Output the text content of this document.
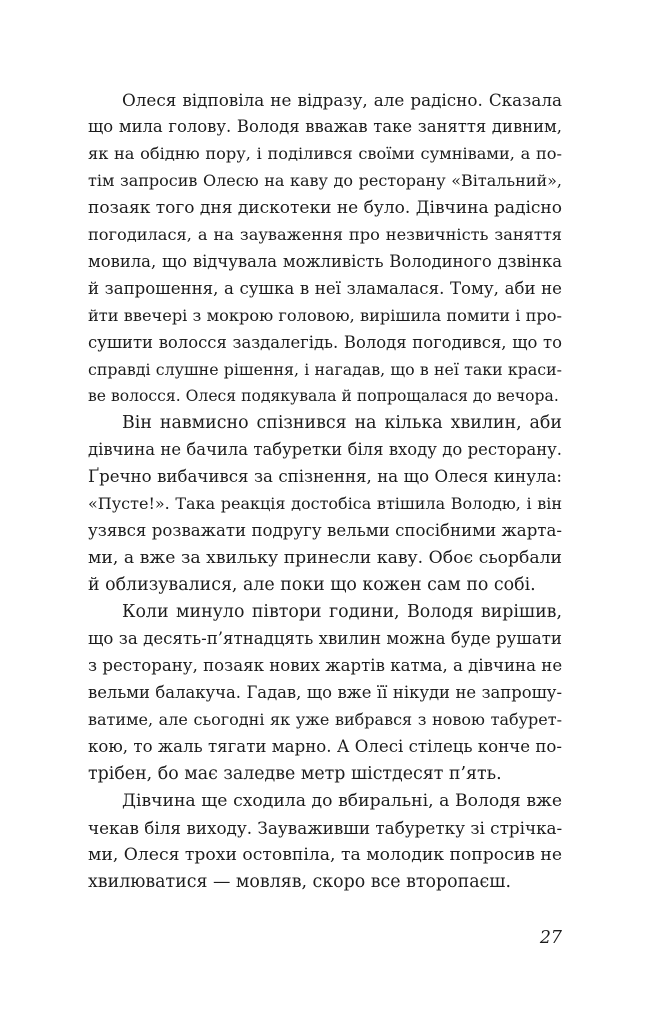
Олеся відповіла не відразу, але радісно. Сказала
що мила голову. Володя вважав таке заняття дивним,
як на обідню пору, і поділився своїми сумнівами, а по-
тім запросив Олесю на каву до ресторану «Вітальний»,
позаяк того дня дискотеки не було. Дівчина радісно
погодилася, а на зауваження про незвичність заняття
мовила, що відчувала можливість Володиного дзвінка
й запрошення, а сушка в неї зламалася. Тому, аби не
йти ввечері з мокрою головою, вирішила помити і про-
сушити волосся заздалегідь. Володя погодився, що то
справді слушне рішення, і нагадав, що в неї таки краси-
ве волосся. Олеся подякувала й попрощалася до вечора.

Він навмисно спізнився на кілька хвилин, аби
дівчина не бачила табуретки біля входу до ресторану.
Ґречно вибачився за спізнення, на що Олеся кинула:
«Пусте!». Така реакція достобіса втішила Володю, і він
узявся розважати подругу вельми спосібними жарта-
ми, а вже за хвильку принесли каву. Обоє сьорбали
й облизувалися, але поки що кожен сам по собі.

Коли минуло півтори години, Володя вирішив,
що за десять-п’ятнадцять хвилин можна буде рушати
з ресторану, позаяк нових жартів катма, а дівчина не
вельми балакуча. Гадав, що вже її нікуди не запрошу-
ватиме, але сьогодні як уже вибрався з новою табурет-
кою, то жаль тягати марно. А Олесі стілець конче по-
трібен, бо має заледве метр шістдесят п’ять.

Дівчина ще сходила до вбиральні, а Володя вже
чекав біля виходу. Зауваживши табуретку зі стрічка-
ми, Олеся трохи остовпіла, та молодик попросив не
хвилюватися — мовляв, скоро все второпаєш.

27
